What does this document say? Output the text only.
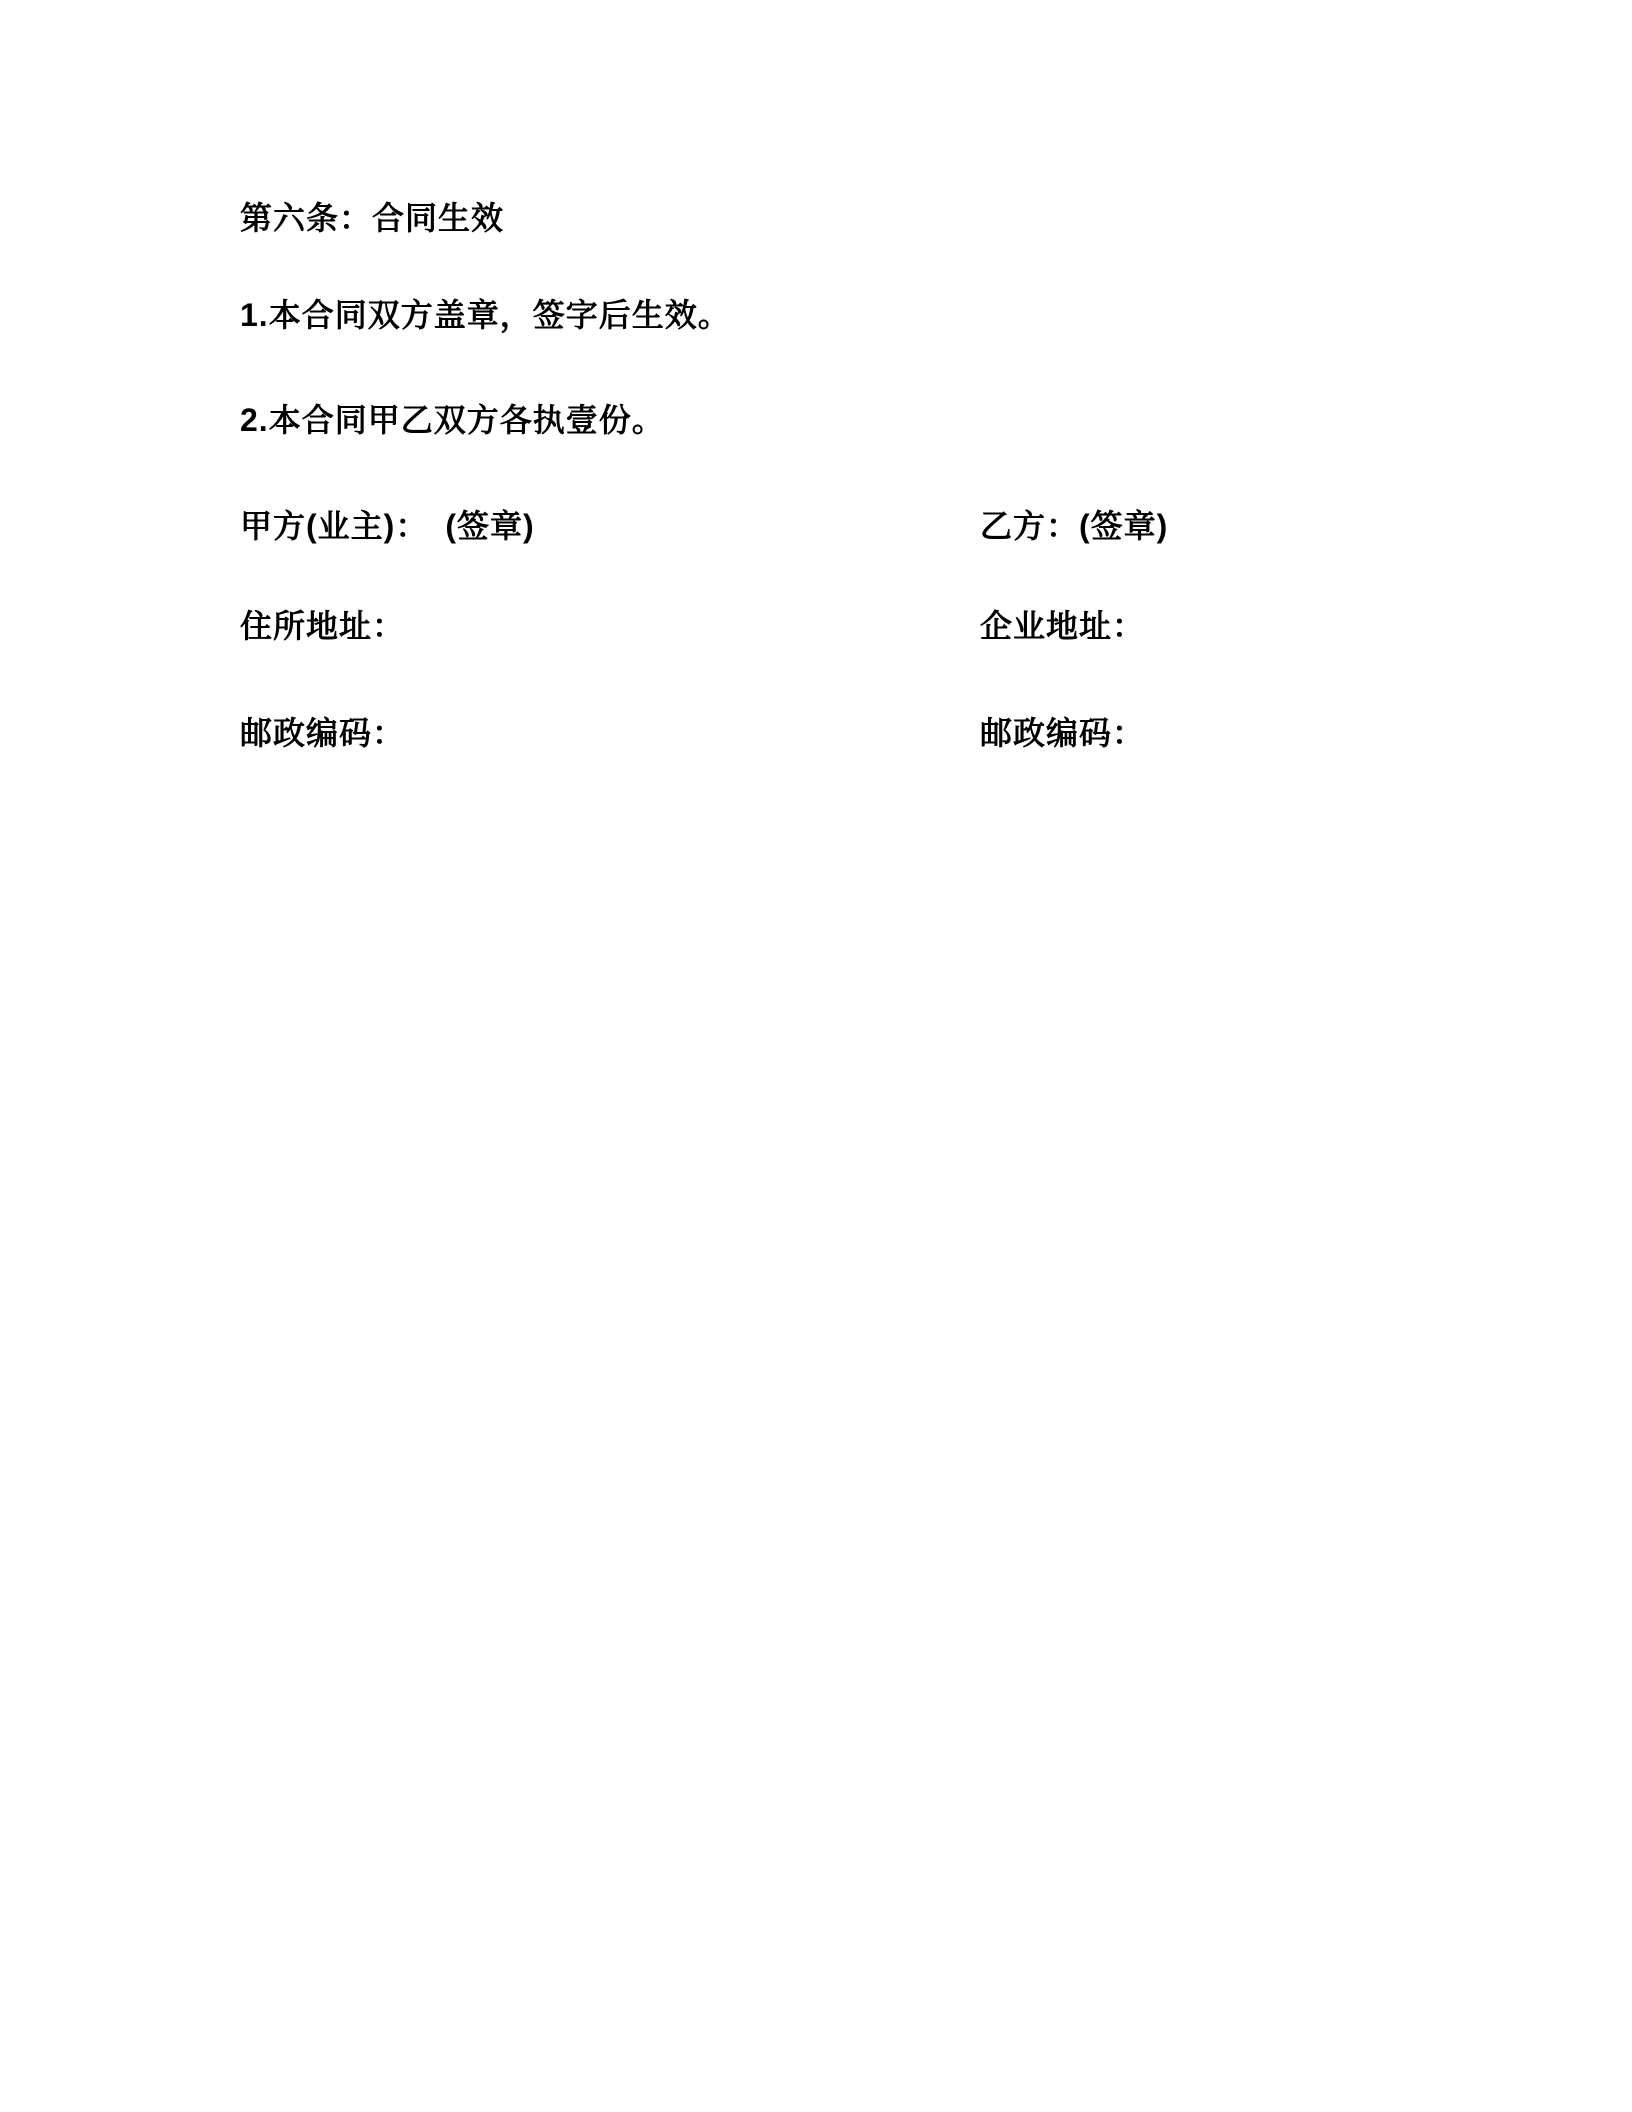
第六条：合同生效
1.本合同双方盖章，签字后生效。
2.本合同甲乙双方各执壹份。
甲方(业主)：　(签章)	乙方：(签章)
住所地址：	企业地址：
邮政编码：	邮政编码：
